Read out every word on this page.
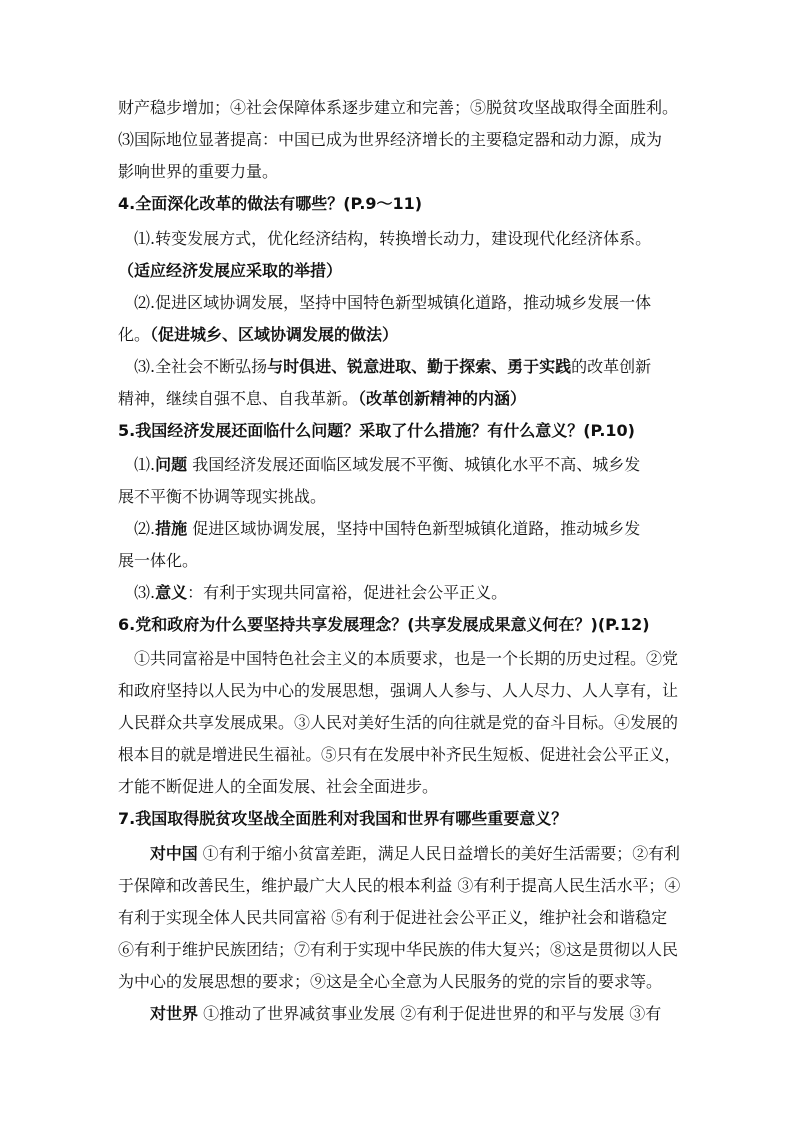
财产稳步增加；④社会保障体系逐步建立和完善；⑤脱贫攻坚战取得全面胜利。
⑶国际地位显著提高：中国已成为世界经济增长的主要稳定器和动力源，成为
影响世界的重要力量。
4.全面深化改革的做法有哪些？(P.9～11)
⑴.转变发展方式，优化经济结构，转换增长动力，建设现代化经济体系。
（适应经济发展应采取的举措）
⑵.促进区域协调发展，坚持中国特色新型城镇化道路，推动城乡发展一体
化。（促进城乡、区域协调发展的做法）
⑶.全社会不断弘扬与时俱进、锐意进取、勤于探索、勇于实践的改革创新
精神，继续自强不息、自我革新。（改革创新精神的内涵）
5.我国经济发展还面临什么问题？采取了什么措施？有什么意义？(P.10)
⑴.问题 我国经济发展还面临区域发展不平衡、城镇化水平不高、城乡发
展不平衡不协调等现实挑战。
⑵.措施 促进区域协调发展，坚持中国特色新型城镇化道路，推动城乡发
展一体化。
⑶.意义：有利于实现共同富裕，促进社会公平正义。
6.党和政府为什么要坚持共享发展理念？(共享发展成果意义何在？)(P.12)
①共同富裕是中国特色社会主义的本质要求，也是一个长期的历史过程。②党
和政府坚持以人民为中心的发展思想，强调人人参与、人人尽力、人人享有，让
人民群众共享发展成果。③人民对美好生活的向往就是党的奋斗目标。④发展的
根本目的就是增进民生福祉。⑤只有在发展中补齐民生短板、促进社会公平正义，
才能不断促进人的全面发展、社会全面进步。
7.我国取得脱贫攻坚战全面胜利对我国和世界有哪些重要意义？
对中国 ①有利于缩小贫富差距，满足人民日益增长的美好生活需要；②有利
于保障和改善民生，维护最广大人民的根本利益 ③有利于提高人民生活水平；④
有利于实现全体人民共同富裕 ⑤有利于促进社会公平正义，维护社会和谐稳定
⑥有利于维护民族团结；⑦有利于实现中华民族的伟大复兴；⑧这是贯彻以人民
为中心的发展思想的要求；⑨这是全心全意为人民服务的党的宗旨的要求等。
对世界 ①推动了世界减贫事业发展 ②有利于促进世界的和平与发展 ③有
